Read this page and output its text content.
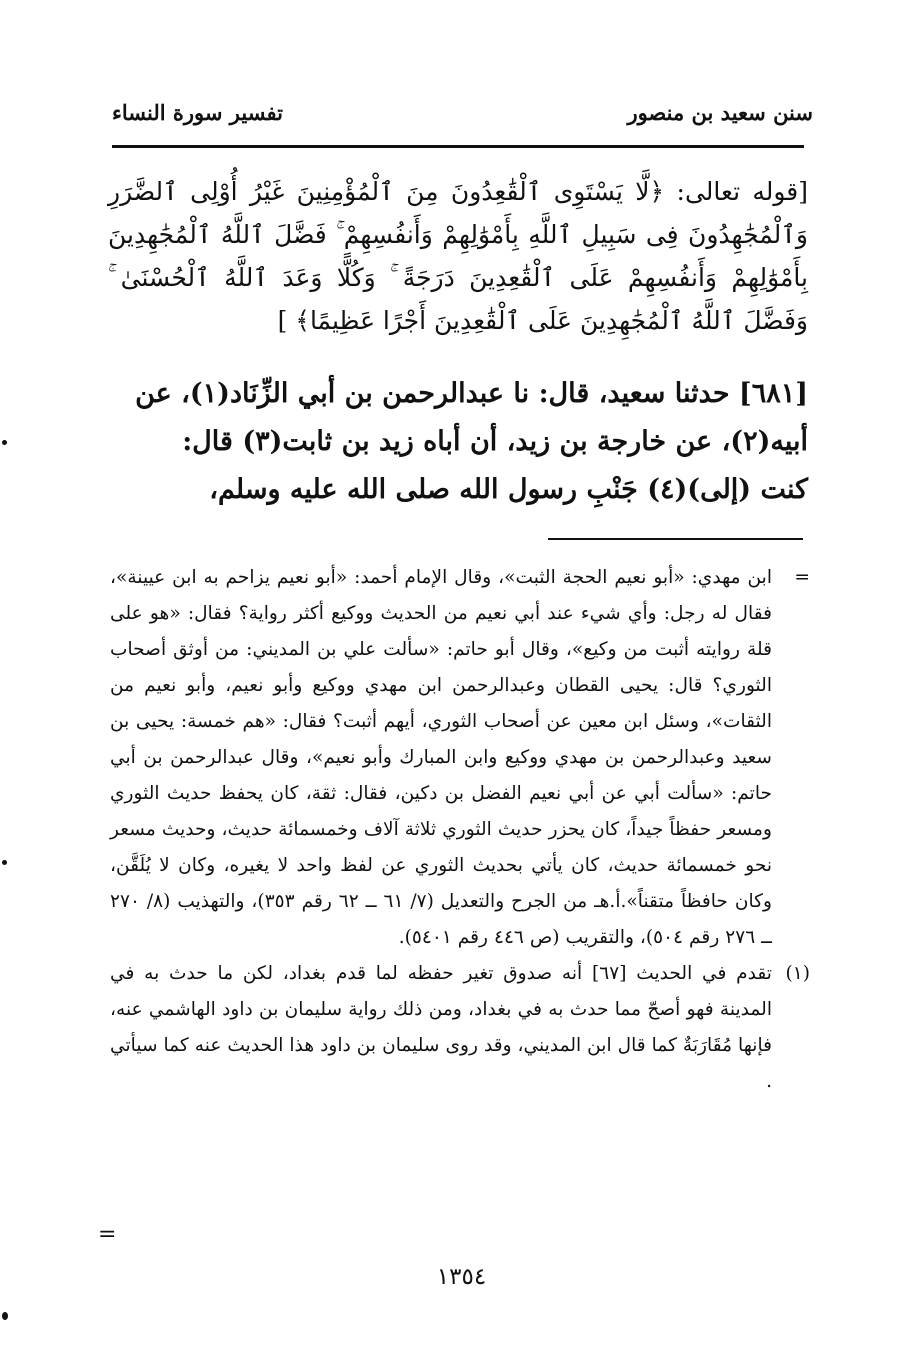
سنن سعيد بن منصور
تفسير سورة النساء
[قوله تعالى: ﴿لَّا يَسْتَوِى ٱلْقَٰعِدُونَ مِنَ ٱلْمُؤْمِنِينَ غَيْرُ أُوْلِى ٱلضَّرَرِ وَٱلْمُجَٰهِدُونَ فِى سَبِيلِ ٱللَّهِ بِأَمْوَٰلِهِمْ وَأَنفُسِهِمْ ۚ فَضَّلَ ٱللَّهُ ٱلْمُجَٰهِدِينَ بِأَمْوَٰلِهِمْ وَأَنفُسِهِمْ عَلَى ٱلْقَٰعِدِينَ دَرَجَةً ۚ وَكُلًّا وَعَدَ ٱللَّهُ ٱلْحُسْنَىٰ ۚ وَفَضَّلَ ٱللَّهُ ٱلْمُجَٰهِدِينَ عَلَى ٱلْقَٰعِدِينَ أَجْرًا عَظِيمًا﴾ ]
[٦٨١] حدثنا سعيد، قال: نا عبدالرحمن بن أبي الزِّنَاد(١)، عن
أبيه(٢)، عن خارجة بن زيد، أن أباه زيد بن ثابت(٣) قال:
كنت (إلى)(٤) جَنْبِ رسول الله صلى الله عليه وسلم،

=
ابن مهدي: «أبو نعيم الحجة الثبت»، وقال الإمام أحمد: «أبو نعيم يزاحم به ابن عيينة»، فقال له رجل: وأي شيء عند أبي نعيم من الحديث ووكيع أكثر رواية؟ فقال: «هو على قلة روايته أثبت من وكيع»، وقال أبو حاتم: «سألت علي بن المديني: من أوثق أصحاب الثوري؟ قال: يحيى القطان وعبدالرحمن ابن مهدي ووكيع وأبو نعيم، وأبو نعيم من الثقات»، وسئل ابن معين عن أصحاب الثوري، أيهم أثبت؟ فقال: «هم خمسة: يحيى بن سعيد وعبدالرحمن بن مهدي ووكيع وابن المبارك وأبو نعيم»، وقال عبدالرحمن بن أبي حاتم: «سألت أبي عن أبي نعيم الفضل بن دكين، فقال: ثقة، كان يحفظ حديث الثوري ومسعر حفظاً جيداً، كان يحزر حديث الثوري ثلاثة آلاف وخمسمائة حديث، وحديث مسعر نحو خمسمائة حديث، كان يأتي بحديث الثوري عن لفظ واحد لا يغيره، وكان لا يُلَقَّن، وكان حافظاً متقناً».أ.هـ من الجرح والتعديل (٧/ ٦١ ــ ٦٢ رقم ٣٥٣)، والتهذيب (٨/ ٢٧٠ ــ ٢٧٦ رقم ٥٠٤)، والتقريب (ص ٤٤٦ رقم ٥٤٠١).

(١)
تقدم في الحديث [٦٧] أنه صدوق تغير حفظه لما قدم بغداد، لكن ما حدث به في المدينة فهو أصحّ مما حدث به في بغداد، ومن ذلك رواية سليمان بن داود الهاشمي عنه، فإنها مُقَارَبَةٌ كما قال ابن المديني، وقد روى سليمان بن داود هذا الحديث عنه كما سيأتي .

=
١٣٥٤
